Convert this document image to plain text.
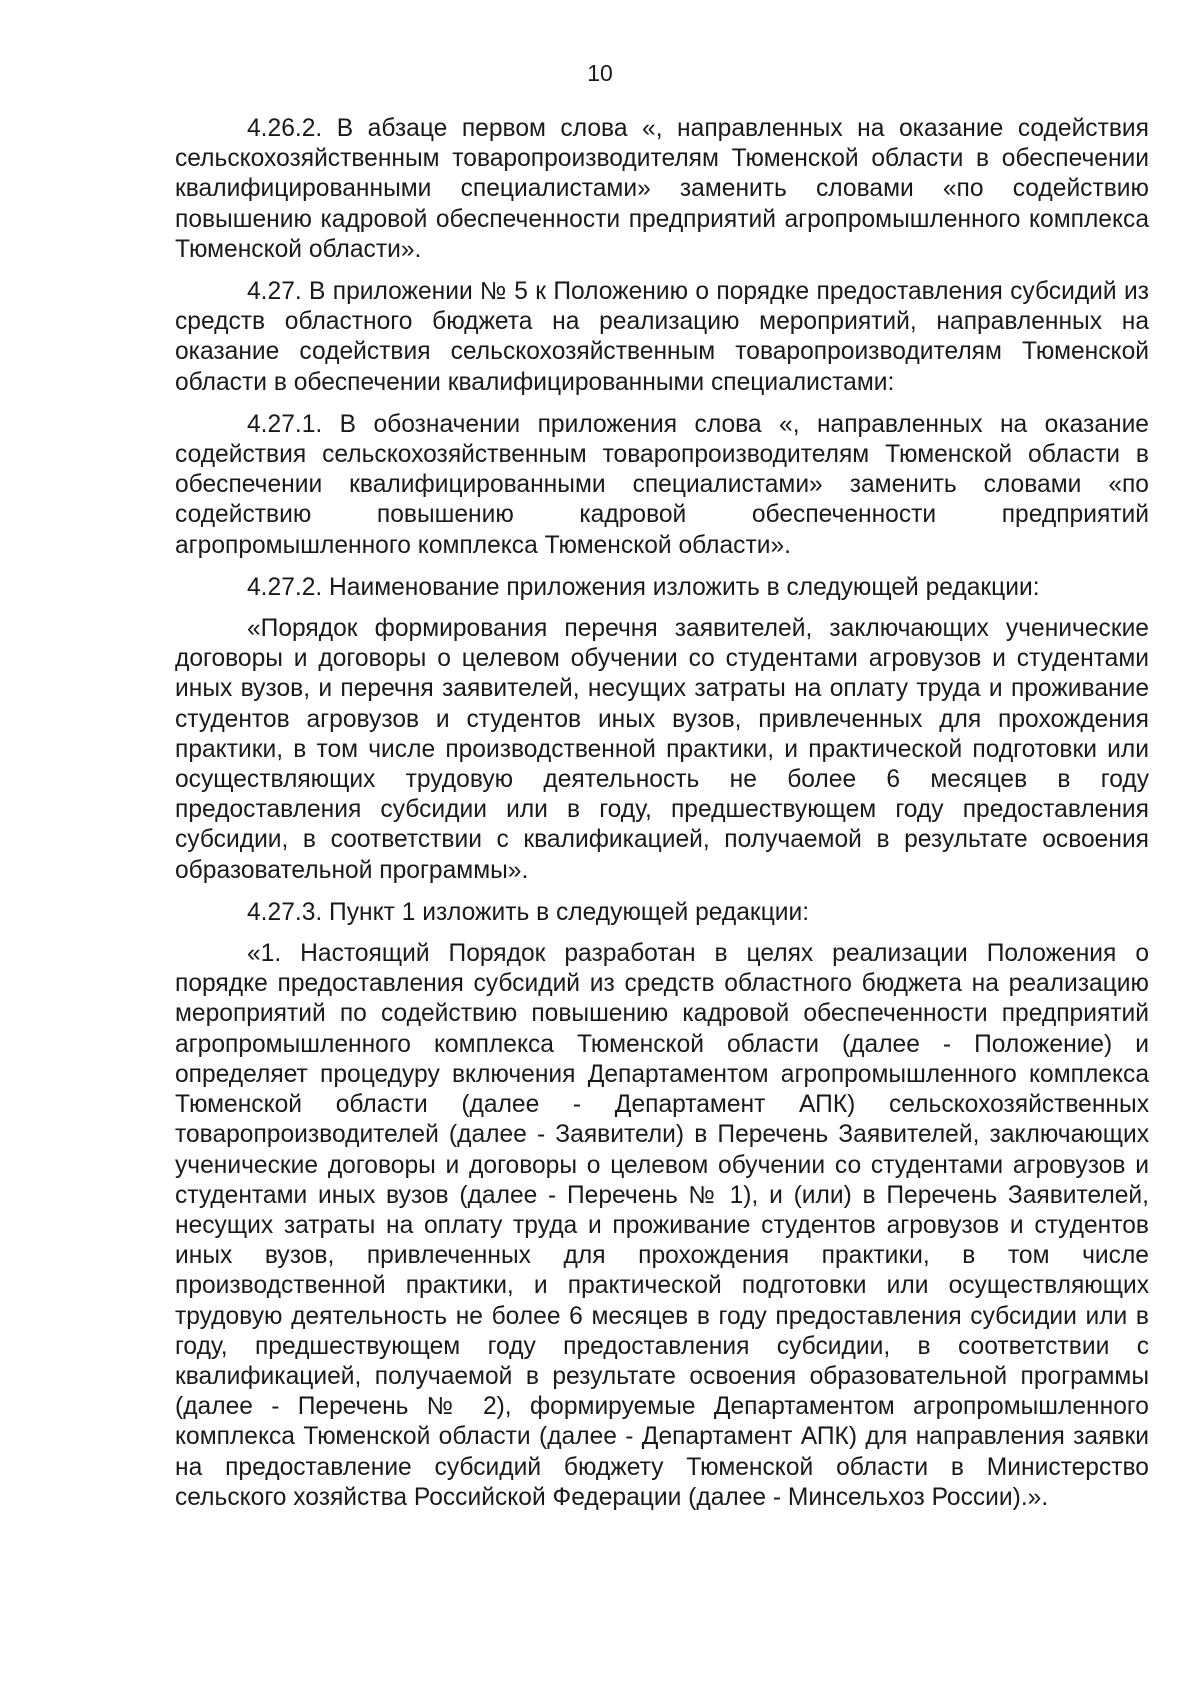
10

4.26.2. В абзаце первом слова «, направленных на оказание содействия сельскохозяйственным товаропроизводителям Тюменской области в обеспечении квалифицированными специалистами» заменить словами «по содействию повышению кадровой обеспеченности предприятий агропромышленного комплекса Тюменской области».

4.27. В приложении № 5 к Положению о порядке предоставления субсидий из средств областного бюджета на реализацию мероприятий, направленных на оказание содействия сельскохозяйственным товаропроизводителям Тюменской области в обеспечении квалифицированными специалистами:

4.27.1. В обозначении приложения слова «, направленных на оказание содействия сельскохозяйственным товаропроизводителям Тюменской области в обеспечении квалифицированными специалистами» заменить словами «по содействию повышению кадровой обеспеченности предприятий агропромышленного комплекса Тюменской области».

4.27.2. Наименование приложения изложить в следующей редакции:

«Порядок формирования перечня заявителей, заключающих ученические договоры и договоры о целевом обучении со студентами агровузов и студентами иных вузов, и перечня заявителей, несущих затраты на оплату труда и проживание студентов агровузов и студентов иных вузов, привлеченных для прохождения практики, в том числе производственной практики, и практической подготовки или осуществляющих трудовую деятельность не более 6 месяцев в году предоставления субсидии или в году, предшествующем году предоставления субсидии, в соответствии с квалификацией, получаемой в результате освоения образовательной программы».

4.27.3. Пункт 1 изложить в следующей редакции:

«1. Настоящий Порядок разработан в целях реализации Положения о порядке предоставления субсидий из средств областного бюджета на реализацию мероприятий по содействию повышению кадровой обеспеченности предприятий агропромышленного комплекса Тюменской области (далее - Положение) и определяет процедуру включения Департаментом агропромышленного комплекса Тюменской области (далее - Департамент АПК) сельскохозяйственных товаропроизводителей (далее - Заявители) в Перечень Заявителей, заключающих ученические договоры и договоры о целевом обучении со студентами агровузов и студентами иных вузов (далее - Перечень № 1), и (или) в Перечень Заявителей, несущих затраты на оплату труда и проживание студентов агровузов и студентов иных вузов, привлеченных для прохождения практики, в том числе производственной практики, и практической подготовки или осуществляющих трудовую деятельность не более 6 месяцев в году предоставления субсидии или в году, предшествующем году предоставления субсидии, в соответствии с квалификацией, получаемой в результате освоения образовательной программы (далее - Перечень № 2), формируемые Департаментом агропромышленного комплекса Тюменской области (далее - Департамент АПК) для направления заявки на предоставление субсидий бюджету Тюменской области в Министерство сельского хозяйства Российской Федерации (далее - Минсельхоз России).».
